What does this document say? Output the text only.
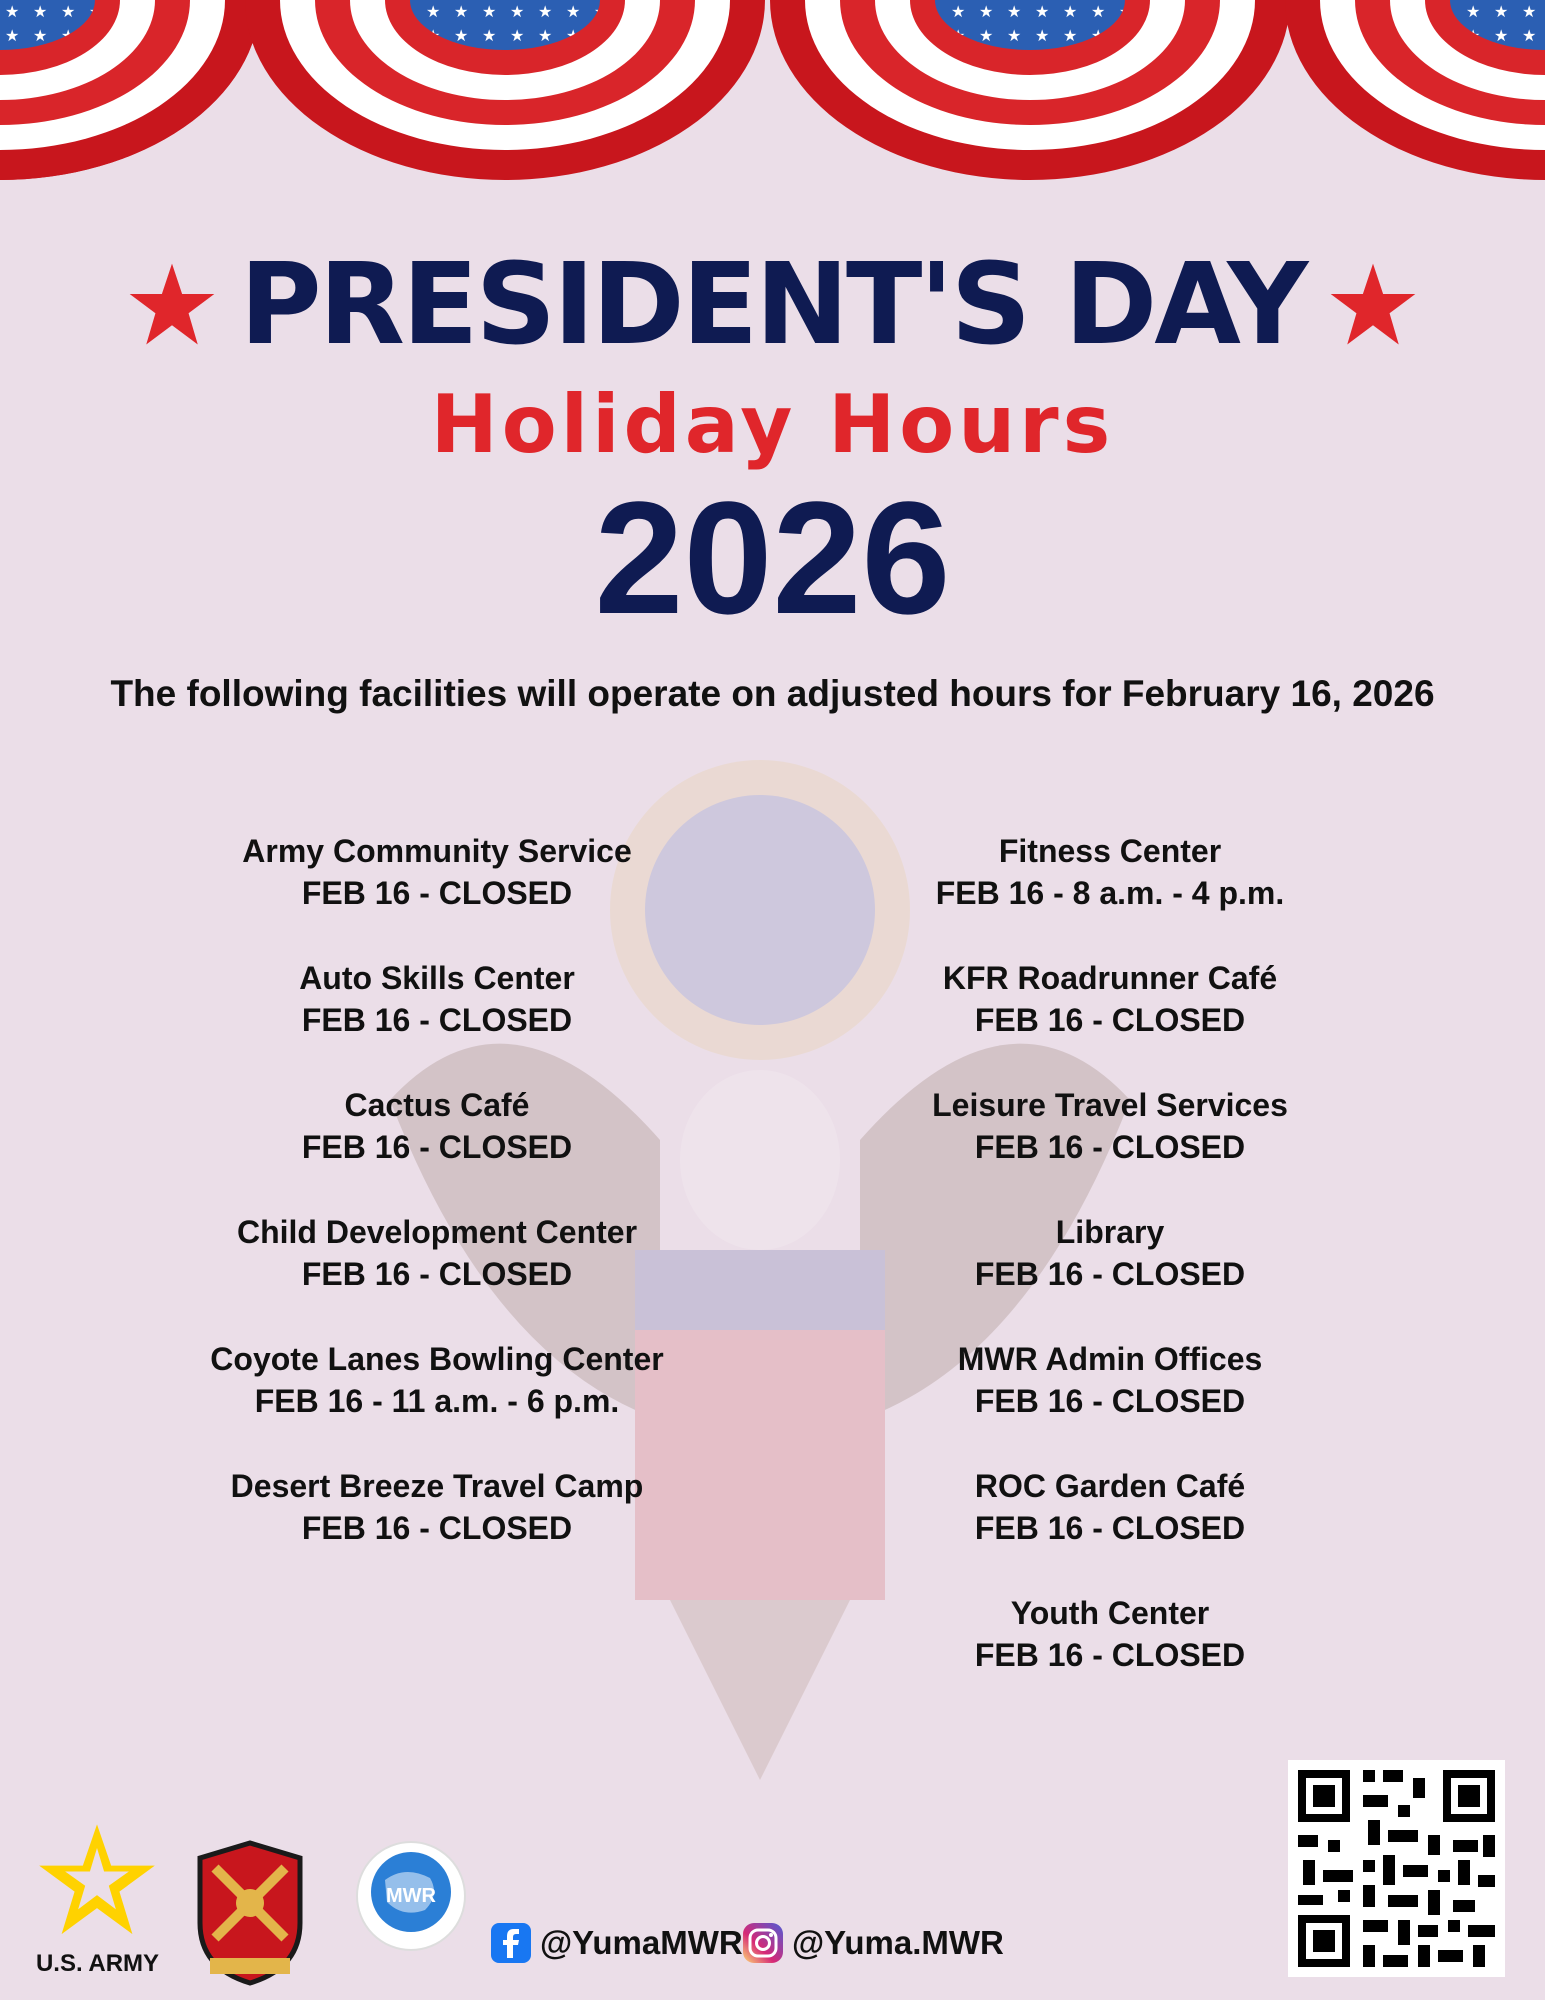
PRESIDENT'S DAY
Holiday Hours
2026
The following facilities will operate on adjusted hours for February 16, 2026
Army Community Service
FEB 16 - CLOSED
Auto Skills Center
FEB 16 - CLOSED
Cactus Café
FEB 16 - CLOSED
Child Development Center
FEB 16 - CLOSED
Coyote Lanes Bowling Center
FEB 16 - 11 a.m. - 6 p.m.
Desert Breeze Travel Camp
FEB 16 - CLOSED
Fitness Center
FEB 16 - 8 a.m. - 4 p.m.
KFR Roadrunner Café
FEB 16 - CLOSED
Leisure Travel Services
FEB 16 - CLOSED
Library
FEB 16 - CLOSED
MWR Admin Offices
FEB 16 - CLOSED
ROC Garden Café
FEB 16 - CLOSED
Youth Center
FEB 16 - CLOSED
U.S. ARMY
MWR
@YumaMWR @Yuma.MWR
